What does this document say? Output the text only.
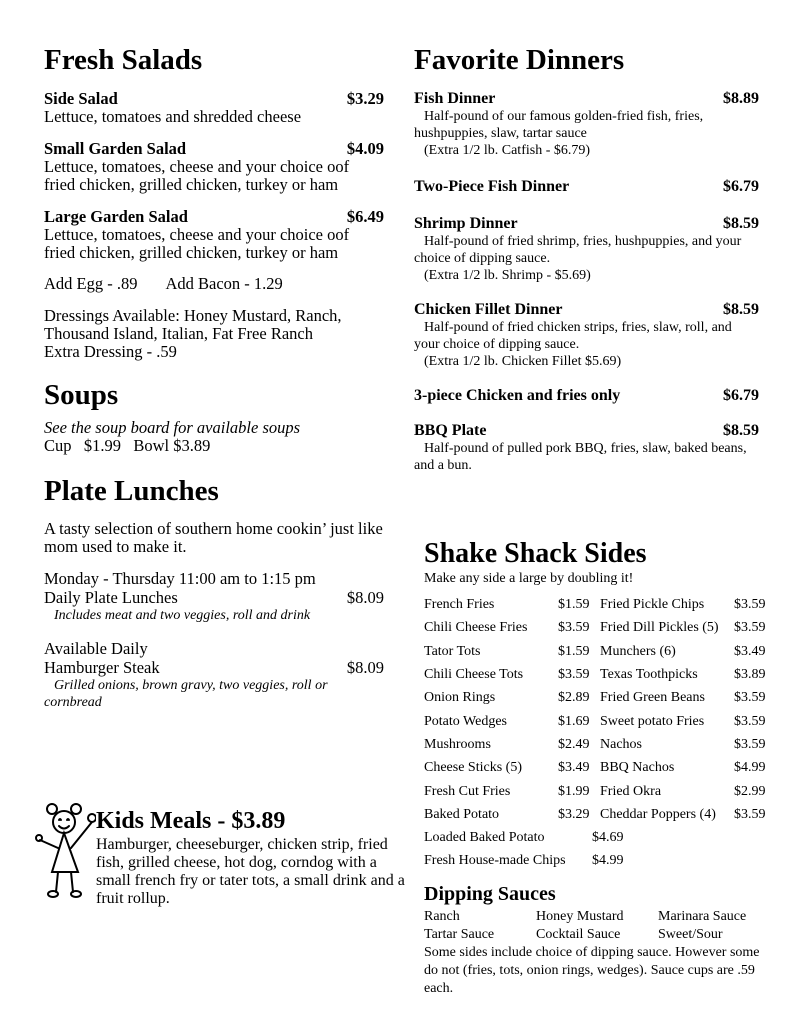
Fresh Salads
Side Salad	$3.29
Lettuce, tomatoes and shredded cheese
Small Garden Salad	$4.09
Lettuce, tomatoes, cheese and your choice oof fried chicken, grilled chicken, turkey or ham
Large Garden Salad	$6.49
Lettuce, tomatoes, cheese and your choice oof fried chicken, grilled chicken, turkey or ham
Add Egg - .89       Add Bacon - 1.29
Dressings Available: Honey Mustard, Ranch, Thousand Island, Italian, Fat Free Ranch
Extra Dressing - .59
Soups
See the soup board for available soups
Cup   $1.99   Bowl $3.89
Plate Lunches
A tasty selection of southern home cookin’ just like mom used to make it.
Monday - Thursday 11:00 am to 1:15 pm
Daily Plate Lunches	$8.09
Includes meat and two veggies, roll and drink
Available Daily
Hamburger Steak	$8.09
Grilled onions, brown gravy, two veggies, roll or cornbread
Kids Meals - $3.89
Hamburger, cheeseburger, chicken strip, fried fish, grilled cheese, hot dog, corndog with a small french fry or tater tots, a small drink and a fruit rollup.
Favorite Dinners
Fish Dinner	$8.89
Half-pound of our famous golden-fried fish, fries, hushpuppies, slaw, tartar sauce
(Extra 1/2 lb. Catfish - $6.79)
Two-Piece Fish Dinner	$6.79
Shrimp Dinner	$8.59
Half-pound of fried shrimp, fries, hushpuppies, and your choice of dipping sauce.
(Extra 1/2 lb. Shrimp - $5.69)
Chicken Fillet Dinner	$8.59
Half-pound of fried chicken strips, fries, slaw, roll, and your choice of dipping sauce.
(Extra 1/2 lb. Chicken Fillet $5.69)
3-piece Chicken and fries only	$6.79
BBQ Plate	$8.59
Half-pound of pulled pork BBQ, fries, slaw, baked beans, and a bun.
Shake Shack Sides
Make any side a large by doubling it!
French Fries	$1.59 Fried Pickle Chips	$3.59
Chili Cheese Fries	$3.59 Fried Dill Pickles (5)	$3.59
Tator Tots	$1.59 Munchers (6)	$3.49
Chili Cheese Tots	$3.59 Texas Toothpicks	$3.89
Onion Rings	$2.89 Fried Green Beans	$3.59
Potato Wedges	$1.69 Sweet potato Fries	$3.59
Mushrooms	$2.49 Nachos	$3.59
Cheese Sticks (5)	$3.49 BBQ Nachos	$4.99
Fresh Cut Fries	$1.99 Fried Okra	$2.99
Baked Potato	$3.29 Cheddar Poppers (4)	$3.59
Loaded Baked Potato	$4.69
Fresh House-made Chips	$4.99
Dipping Sauces
Ranch	Honey Mustard	Marinara Sauce
Tartar Sauce	Cocktail Sauce	Sweet/Sour
Some sides include choice of dipping sauce. However some do not (fries, tots, onion rings, wedges). Sauce cups are .59 each.
